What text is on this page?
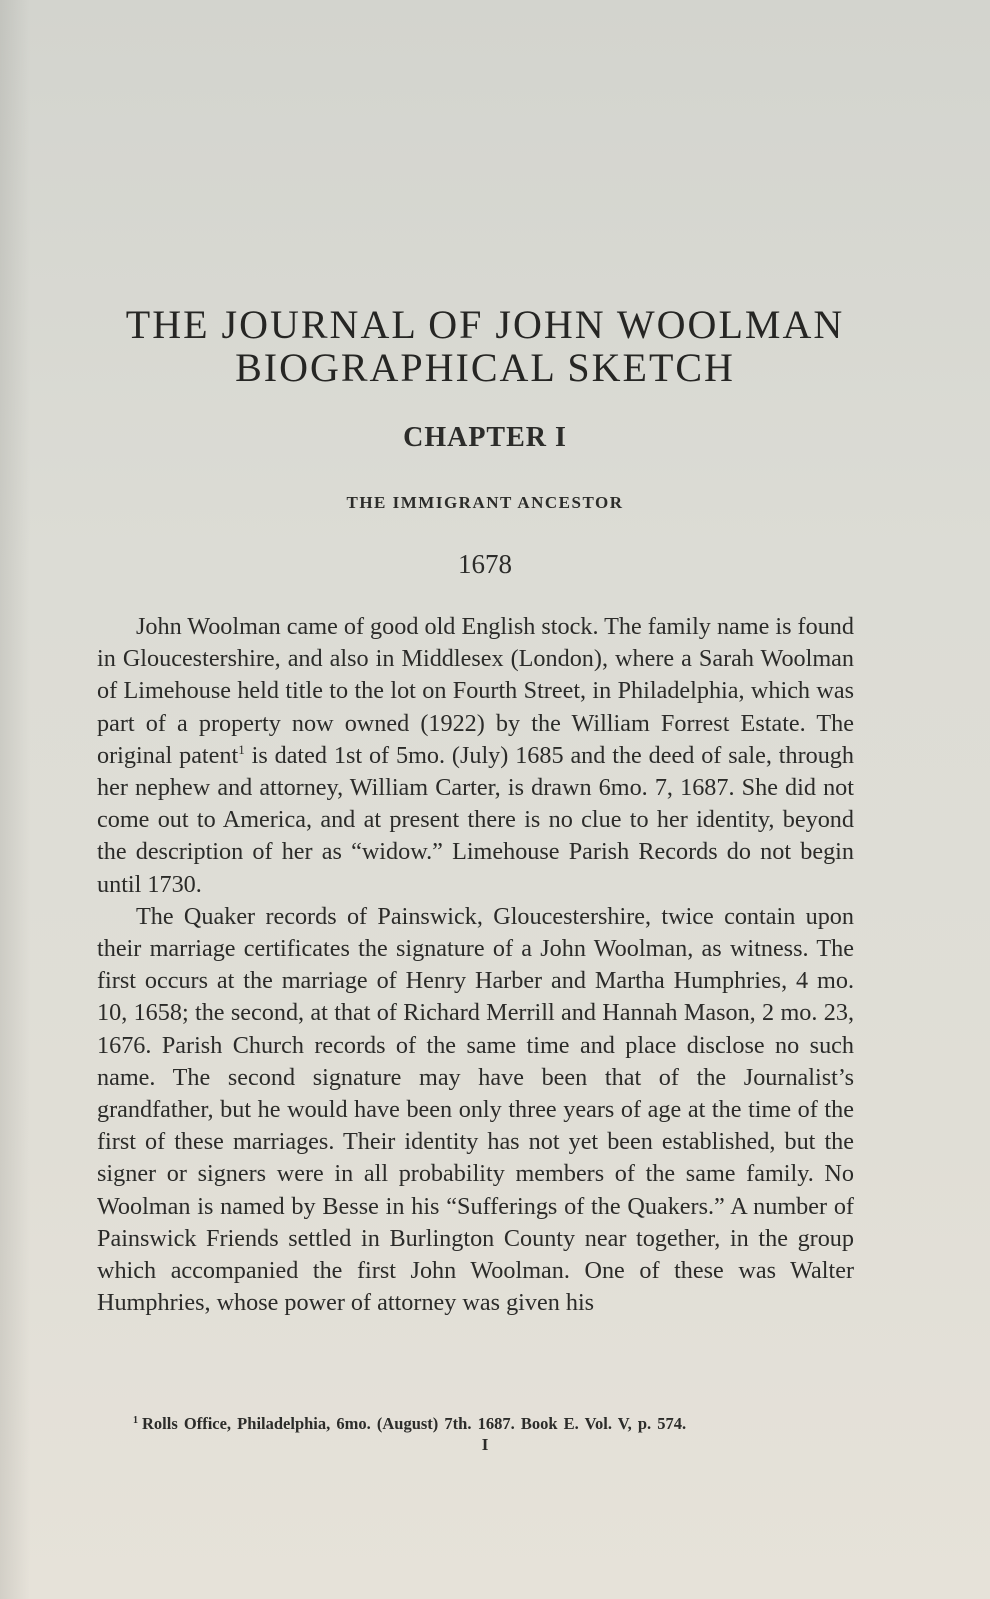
THE JOURNAL OF JOHN WOOLMAN
BIOGRAPHICAL SKETCH
CHAPTER I
THE IMMIGRANT ANCESTOR
1678

John Woolman came of good old English stock. The family name is found in Gloucestershire, and also in Middlesex (London), where a Sarah Woolman of Limehouse held title to the lot on Fourth Street, in Philadelphia, which was part of a property now owned (1922) by the William Forrest Estate. The original patent$^1$ is dated 1st of 5mo. (July) 1685 and the deed of sale, through her nephew and attorney, William Carter, is drawn 6mo. 7, 1687. She did not come out to America, and at present there is no clue to her identity, beyond the description of her as “widow.” Limehouse Parish Records do not begin until 1730.

The Quaker records of Painswick, Gloucestershire, twice contain upon their marriage certificates the signature of a John Woolman, as witness. The first occurs at the marriage of Henry Harber and Martha Humphries, 4 mo. 10, 1658; the second, at that of Richard Merrill and Hannah Mason, 2 mo. 23, 1676. Parish Church records of the same time and place disclose no such name. The second signature may have been that of the Journalist’s grandfather, but he would have been only three years of age at the time of the first of these marriages. Their identity has not yet been established, but the signer or signers were in all probability members of the same family. No Woolman is named by Besse in his “Sufferings of the Quakers.” A number of Painswick Friends settled in Burlington County near together, in the group which accompanied the first John Woolman. One of these was Walter Humphries, whose power of attorney was given his

$^1$ Rolls Office, Philadelphia, 6mo. (August) 7th. 1687. Book E. Vol. V, p. 574.
I
